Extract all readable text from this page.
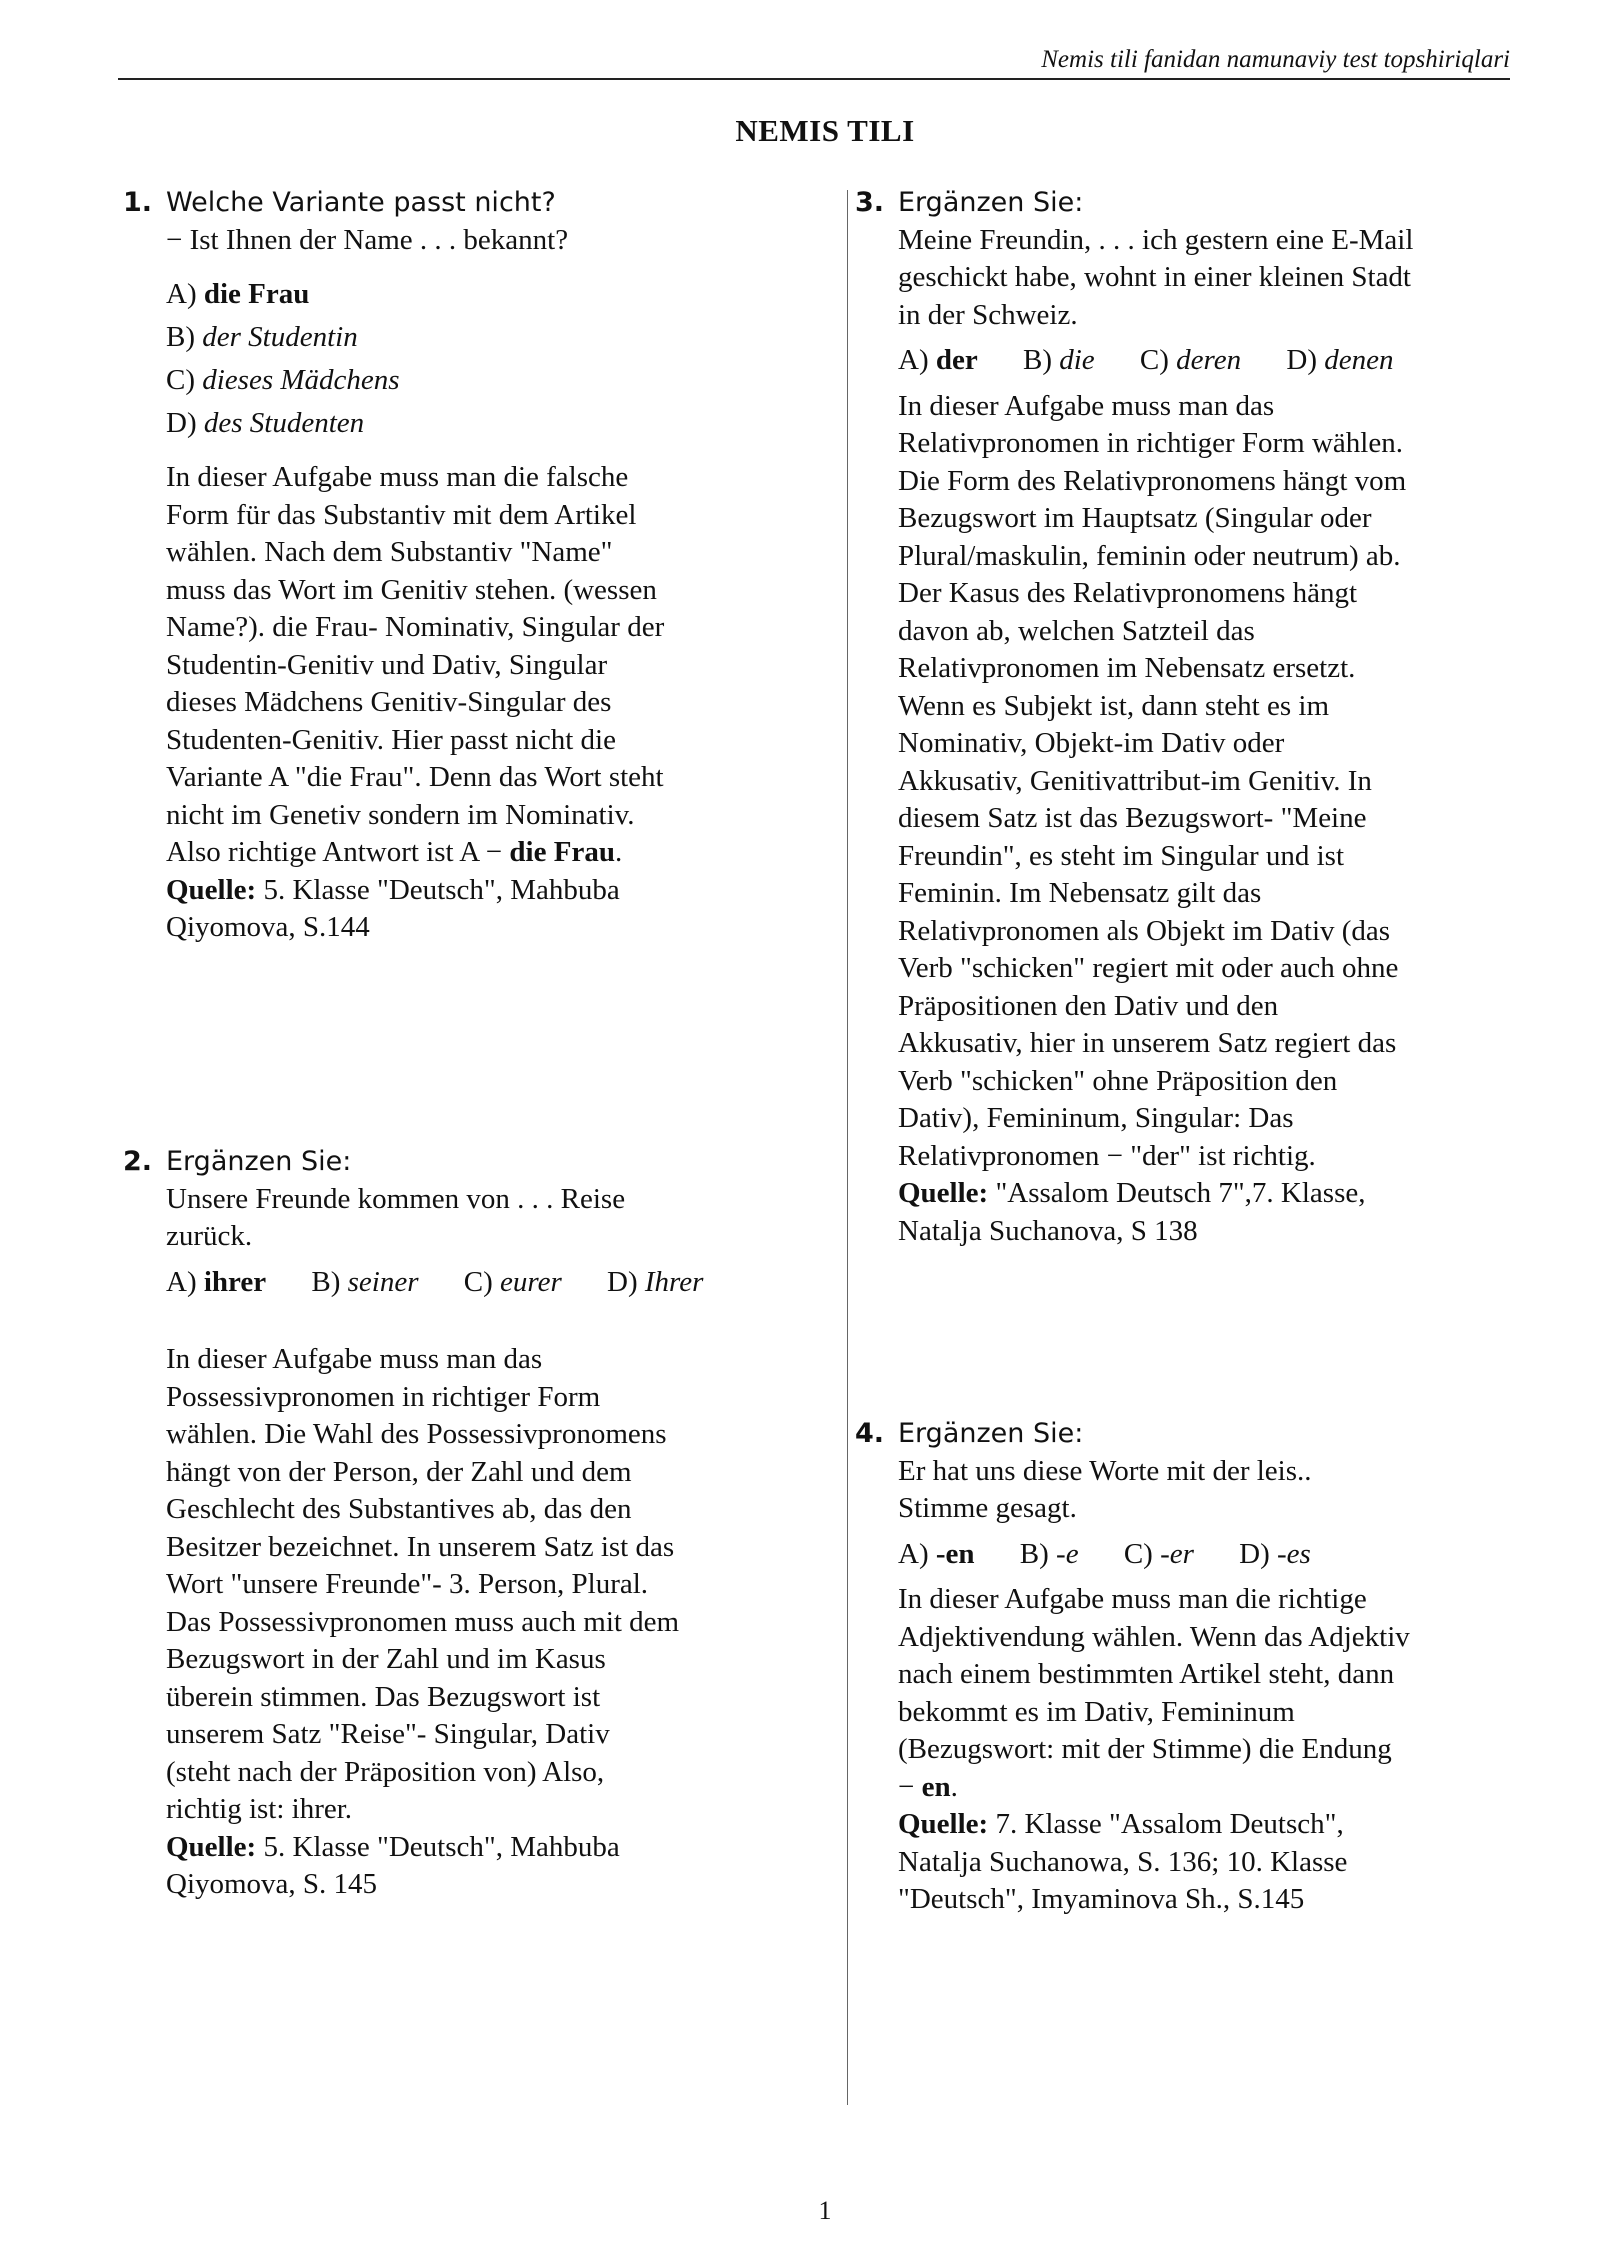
Nemis tili fanidan namunaviy test topshiriqlari
NEMIS TILI
1. Welche Variante passt nicht?
− Ist Ihnen der Name . . . bekannt?
A) die Frau
B) der Studentin
C) dieses Mädchens
D) des Studenten
In dieser Aufgabe muss man die falsche
Form für das Substantiv mit dem Artikel
wählen. Nach dem Substantiv "Name"
muss das Wort im Genitiv stehen. (wessen
Name?). die Frau- Nominativ, Singular der
Studentin-Genitiv und Dativ, Singular
dieses Mädchens Genitiv-Singular des
Studenten-Genitiv. Hier passt nicht die
Variante A "die Frau". Denn das Wort steht
nicht im Genetiv sondern im Nominativ.
Also richtige Antwort ist A − die Frau.
Quelle: 5. Klasse "Deutsch", Mahbuba
Qiyomova, S.144
2. Ergänzen Sie:
Unsere Freunde kommen von . . . Reise
zurück.
A) ihrer B) seiner C) eurer D) Ihrer
In dieser Aufgabe muss man das
Possessivpronomen in richtiger Form
wählen. Die Wahl des Possessivpronomens
hängt von der Person, der Zahl und dem
Geschlecht des Substantives ab, das den
Besitzer bezeichnet. In unserem Satz ist das
Wort "unsere Freunde"- 3. Person, Plural.
Das Possessivpronomen muss auch mit dem
Bezugswort in der Zahl und im Kasus
überein stimmen. Das Bezugswort ist
unserem Satz "Reise"- Singular, Dativ
(steht nach der Präposition von) Also,
richtig ist: ihrer.
Quelle: 5. Klasse "Deutsch", Mahbuba
Qiyomova, S. 145
3. Ergänzen Sie:
Meine Freundin, . . . ich gestern eine E-Mail
geschickt habe, wohnt in einer kleinen Stadt
in der Schweiz.
A) der B) die C) deren D) denen
In dieser Aufgabe muss man das
Relativpronomen in richtiger Form wählen.
Die Form des Relativpronomens hängt vom
Bezugswort im Hauptsatz (Singular oder
Plural/maskulin, feminin oder neutrum) ab.
Der Kasus des Relativpronomens hängt
davon ab, welchen Satzteil das
Relativpronomen im Nebensatz ersetzt.
Wenn es Subjekt ist, dann steht es im
Nominativ, Objekt-im Dativ oder
Akkusativ, Genitivattribut-im Genitiv. In
diesem Satz ist das Bezugswort- "Meine
Freundin", es steht im Singular und ist
Feminin. Im Nebensatz gilt das
Relativpronomen als Objekt im Dativ (das
Verb "schicken" regiert mit oder auch ohne
Präpositionen den Dativ und den
Akkusativ, hier in unserem Satz regiert das
Verb "schicken" ohne Präposition den
Dativ), Femininum, Singular: Das
Relativpronomen − "der" ist richtig.
Quelle: "Assalom Deutsch 7",7. Klasse,
Natalja Suchanova, S 138
4. Ergänzen Sie:
Er hat uns diese Worte mit der leis..
Stimme gesagt.
A) -en B) -e C) -er D) -es
In dieser Aufgabe muss man die richtige
Adjektivendung wählen. Wenn das Adjektiv
nach einem bestimmten Artikel steht, dann
bekommt es im Dativ, Femininum
(Bezugswort: mit der Stimme) die Endung
− en.
Quelle: 7. Klasse "Assalom Deutsch",
Natalja Suchanowa, S. 136; 10. Klasse
"Deutsch", Imyaminova Sh., S.145
1
